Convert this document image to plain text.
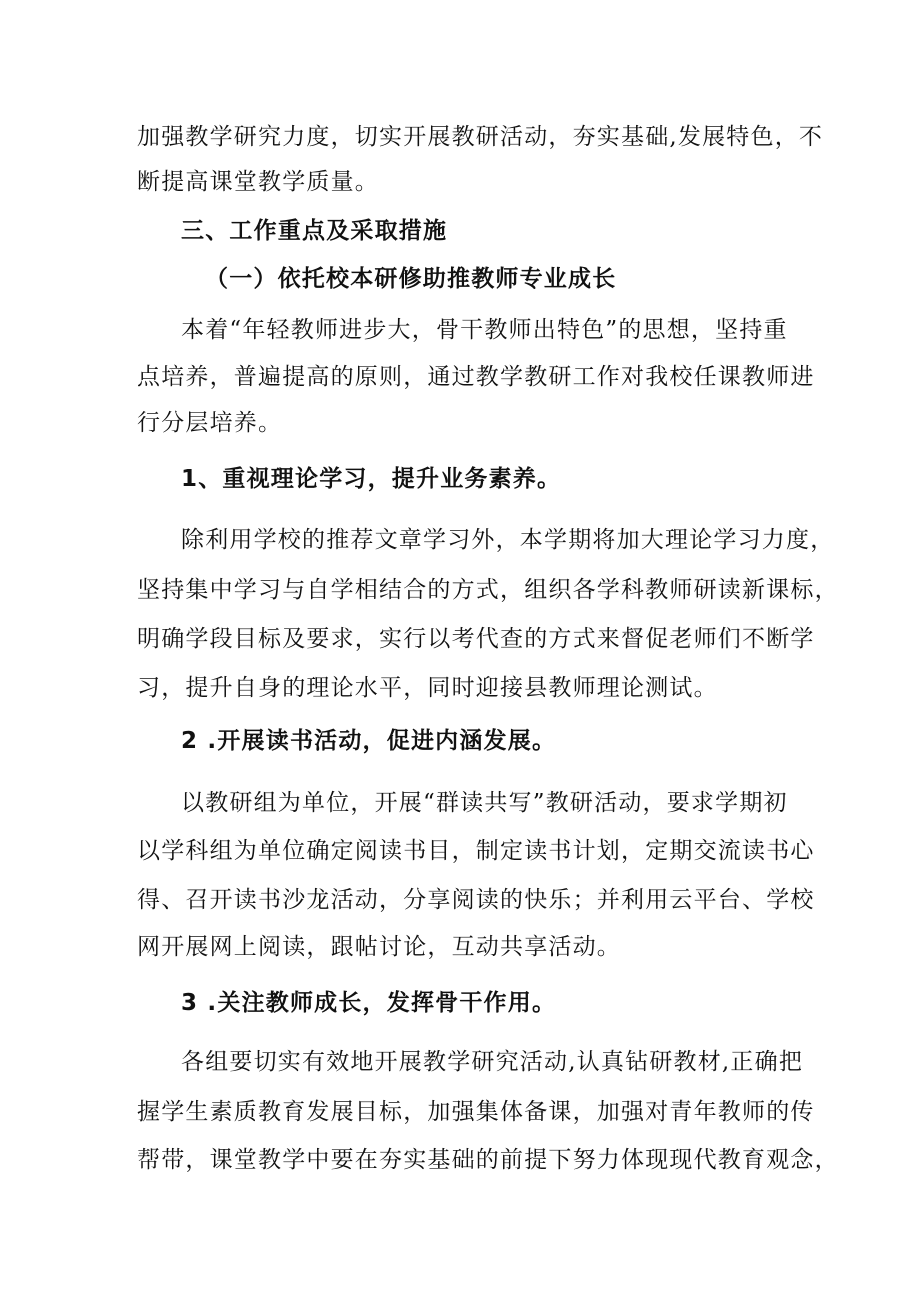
加强教学研究力度，切实开展教研活动，夯实基础,发展特色，不
断提高课堂教学质量。
三、工作重点及采取措施
（一）依托校本研修助推教师专业成长
本着“年轻教师进步大，骨干教师出特色”的思想，坚持重
点培养，普遍提高的原则，通过教学教研工作对我校任课教师进
行分层培养。
1、重视理论学习，提升业务素养。
除利用学校的推荐文章学习外，本学期将加大理论学习力度，
坚持集中学习与自学相结合的方式，组织各学科教师研读新课标，
明确学段目标及要求，实行以考代查的方式来督促老师们不断学
习，提升自身的理论水平，同时迎接县教师理论测试。
2 .开展读书活动，促进内涵发展。
以教研组为单位，开展“群读共写”教研活动，要求学期初
以学科组为单位确定阅读书目，制定读书计划，定期交流读书心
得、召开读书沙龙活动，分享阅读的快乐；并利用云平台、学校
网开展网上阅读，跟帖讨论，互动共享活动。
3 .关注教师成长，发挥骨干作用。
各组要切实有效地开展教学研究活动,认真钻研教材,正确把
握学生素质教育发展目标，加强集体备课，加强对青年教师的传
帮带，课堂教学中要在夯实基础的前提下努力体现现代教育观念，
